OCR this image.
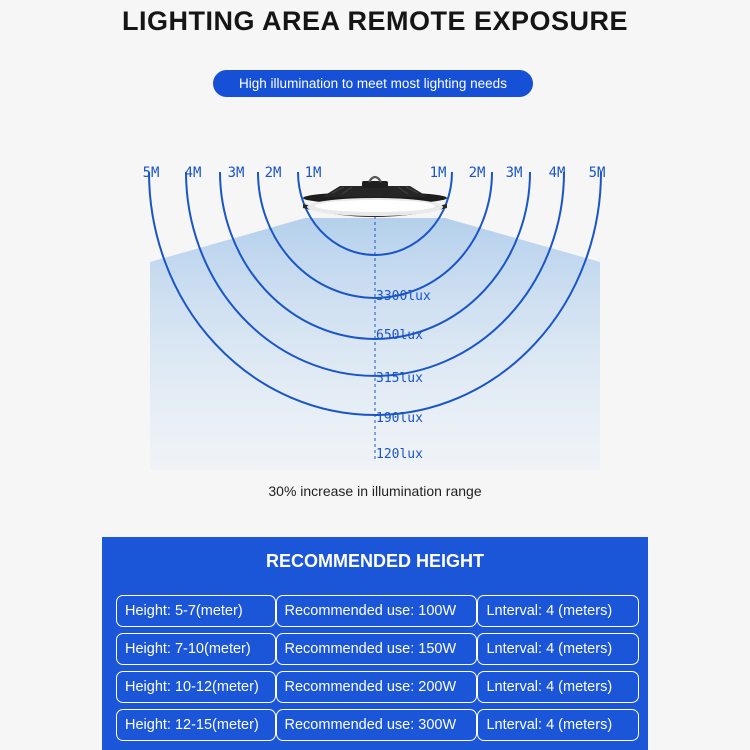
LIGHTING AREA REMOTE EXPOSURE
High illumination to meet most lighting needs
5M 4M 3M 2M 1M	1M 2M 3M 4M 5M
3300lux
650lux
315lux
190lux
120lux
30% increase in illumination range
RECOMMENDED HEIGHT
Height: 5-7(meter)	Recommended use: 100W	Lnterval: 4 (meters)
Height: 7-10(meter)	Recommended use: 150W	Lnterval: 4 (meters)
Height: 10-12(meter)	Recommended use: 200W	Lnterval: 4 (meters)
Height: 12-15(meter)	Recommended use: 300W	Lnterval: 4 (meters)
